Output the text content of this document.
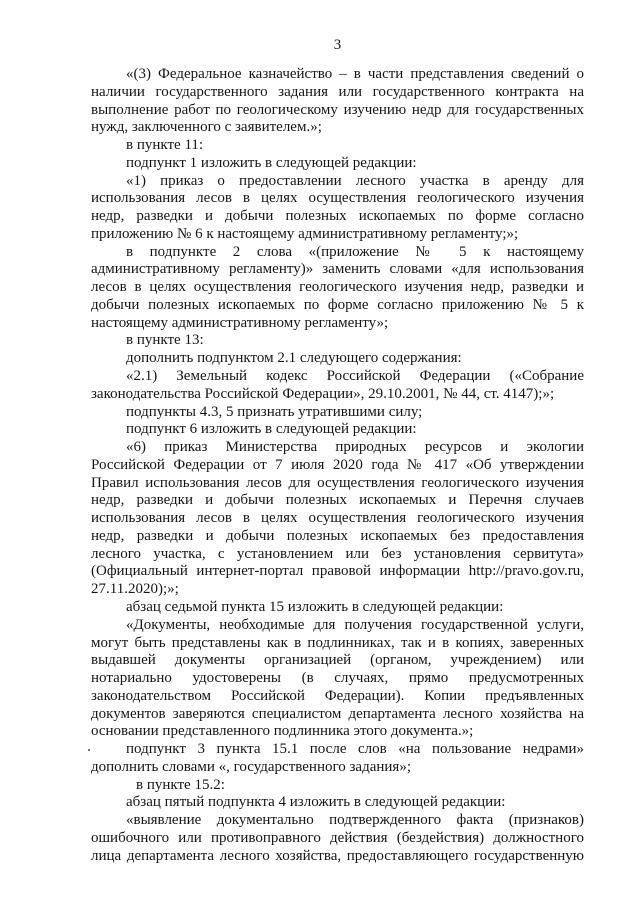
3
«(3) Федеральное казначейство – в части представления сведений о
наличии государственного задания или государственного контракта на
выполнение работ по геологическому изучению недр для государственных
нужд, заключенного с заявителем.»;
в пункте 11:
подпункт 1 изложить в следующей редакции:
«1) приказ о предоставлении лесного участка в аренду для
использования лесов в целях осуществления геологического изучения
недр, разведки и добычи полезных ископаемых по форме согласно
приложению № 6 к настоящему административному регламенту;»;
в подпункте 2 слова «(приложение № 5 к настоящему
административному регламенту)» заменить словами «для использования
лесов в целях осуществления геологического изучения недр, разведки и
добычи полезных ископаемых по форме согласно приложению № 5 к
настоящему административному регламенту»;
в пункте 13:
дополнить подпунктом 2.1 следующего содержания:
«2.1) Земельный кодекс Российской Федерации («Собрание
законодательства Российской Федерации», 29.10.2001, № 44, ст. 4147);»;
подпункты 4.3, 5 признать утратившими силу;
подпункт 6 изложить в следующей редакции:
«6) приказ Министерства природных ресурсов и экологии
Российской Федерации от 7 июля 2020 года № 417 «Об утверждении
Правил использования лесов для осуществления геологического изучения
недр, разведки и добычи полезных ископаемых и Перечня случаев
использования лесов в целях осуществления геологического изучения
недр, разведки и добычи полезных ископаемых без предоставления
лесного участка, с установлением или без установления сервитута»
(Официальный интернет-портал правовой информации http://pravo.gov.ru,
27.11.2020);»;
абзац седьмой пункта 15 изложить в следующей редакции:
«Документы, необходимые для получения государственной услуги,
могут быть представлены как в подлинниках, так и в копиях, заверенных
выдавшей документы организацией (органом, учреждением) или
нотариально удостоверены (в случаях, прямо предусмотренных
законодательством Российской Федерации). Копии предъявленных
документов заверяются специалистом департамента лесного хозяйства на
основании представленного подлинника этого документа.»;
подпункт 3 пункта 15.1 после слов «на пользование недрами»
дополнить словами «, государственного задания»;
в пункте 15.2:
абзац пятый подпункта 4 изложить в следующей редакции:
«выявление документально подтвержденного факта (признаков)
ошибочного или противоправного действия (бездействия) должностного
лица департамента лесного хозяйства, предоставляющего государственную
